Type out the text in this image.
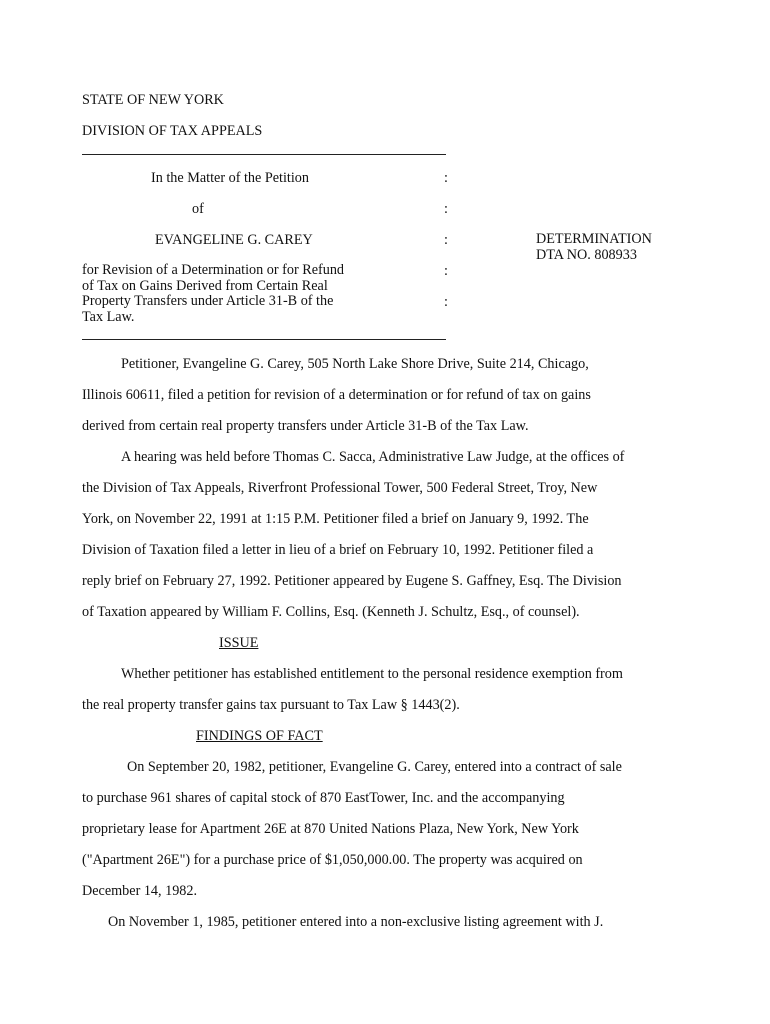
STATE OF NEW YORK
DIVISION OF TAX APPEALS
In the Matter of the Petition
of
EVANGELINE G. CAREY
for Revision of a Determination or for Refund
of Tax on Gains Derived from Certain Real
Property Transfers under Article 31-B of the
Tax Law.
:
:
:
:
:
DETERMINATION
DTA NO. 808933
Petitioner, Evangeline G. Carey, 505 North Lake Shore Drive, Suite 214, Chicago,
Illinois 60611, filed a petition for revision of a determination or for refund of tax on gains
derived from certain real property transfers under Article 31-B of the Tax Law.
A hearing was held before Thomas C. Sacca, Administrative Law Judge, at the offices of
the Division of Tax Appeals, Riverfront Professional Tower, 500 Federal Street, Troy, New
York, on November 22, 1991 at 1:15 P.M. Petitioner filed a brief on January 9, 1992. The
Division of Taxation filed a letter in lieu of a brief on February 10, 1992. Petitioner filed a
reply brief on February 27, 1992. Petitioner appeared by Eugene S. Gaffney, Esq. The Division
of Taxation appeared by William F. Collins, Esq. (Kenneth J. Schultz, Esq., of counsel).
ISSUE
Whether petitioner has established entitlement to the personal residence exemption from
the real property transfer gains tax pursuant to Tax Law § 1443(2).
FINDINGS OF FACT
On September 20, 1982, petitioner, Evangeline G. Carey, entered into a contract of sale
to purchase 961 shares of capital stock of 870 EastTower, Inc. and the accompanying
proprietary lease for Apartment 26E at 870 United Nations Plaza, New York, New York
("Apartment 26E") for a purchase price of $1,050,000.00. The property was acquired on
December 14, 1982.
On November 1, 1985, petitioner entered into a non-exclusive listing agreement with J.
